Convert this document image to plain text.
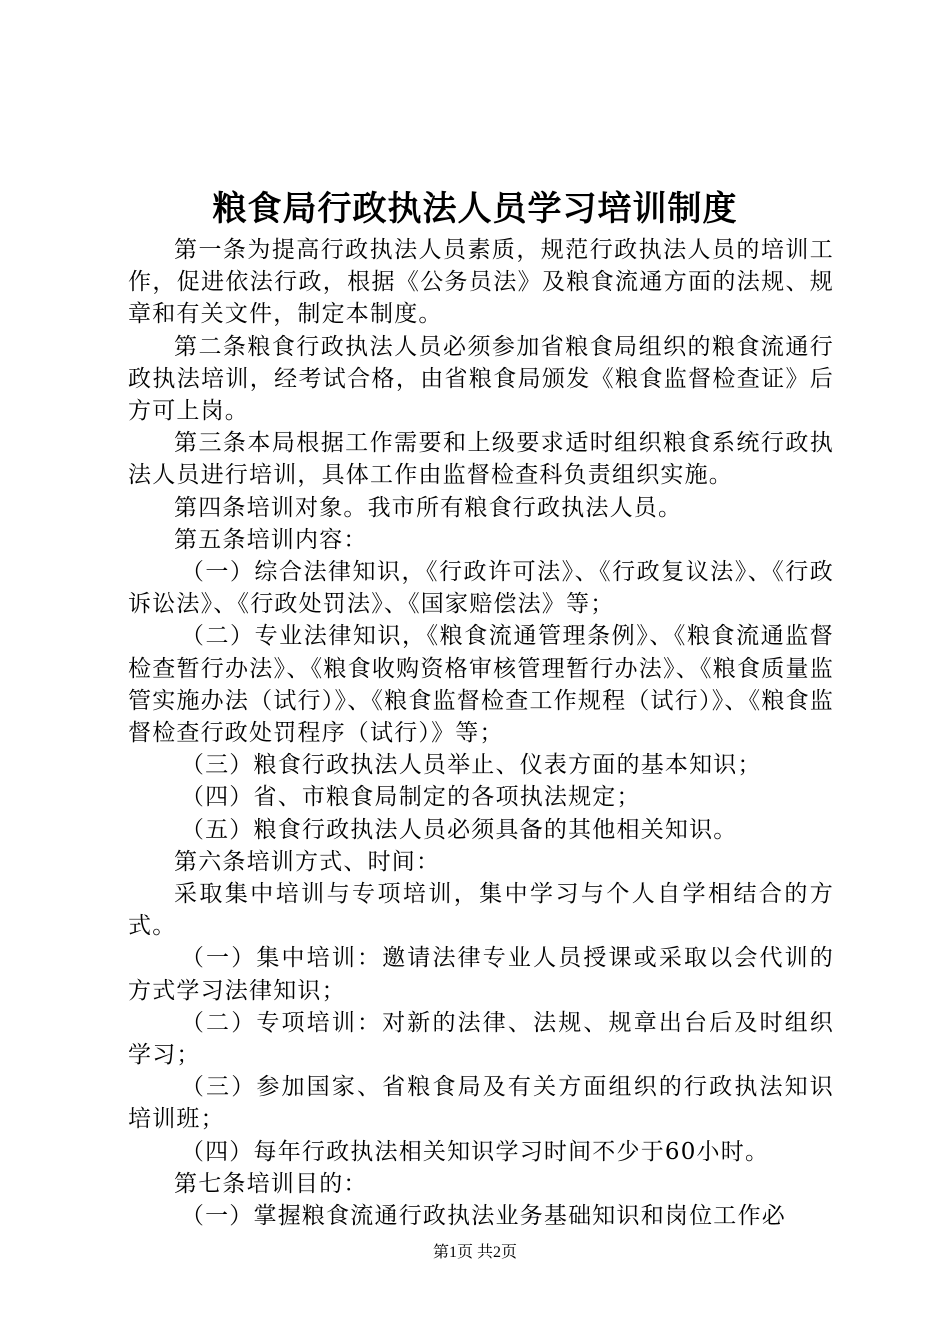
粮食局行政执法人员学习培训制度

第一条为提高行政执法人员素质，规范行政执法人员的培训工作，促进依法行政，根据《公务员法》及粮食流通方面的法规、规章和有关文件，制定本制度。

第二条粮食行政执法人员必须参加省粮食局组织的粮食流通行政执法培训，经考试合格，由省粮食局颁发《粮食监督检查证》后方可上岗。

第三条本局根据工作需要和上级要求适时组织粮食系统行政执法人员进行培训，具体工作由监督检查科负责组织实施。

第四条培训对象。我市所有粮食行政执法人员。

第五条培训内容：

（一）综合法律知识，《行政许可法》、《行政复议法》、《行政诉讼法》、《行政处罚法》、《国家赔偿法》等；

（二）专业法律知识，《粮食流通管理条例》、《粮食流通监督检查暂行办法》、《粮食收购资格审核管理暂行办法》、《粮食质量监管实施办法（试行）》、《粮食监督检查工作规程（试行）》、《粮食监督检查行政处罚程序（试行）》等；

（三）粮食行政执法人员举止、仪表方面的基本知识；

（四）省、市粮食局制定的各项执法规定；

（五）粮食行政执法人员必须具备的其他相关知识。

第六条培训方式、时间：

采取集中培训与专项培训，集中学习与个人自学相结合的方式。

（一）集中培训：邀请法律专业人员授课或采取以会代训的方式学习法律知识；

（二）专项培训：对新的法律、法规、规章出台后及时组织学习；

（三）参加国家、省粮食局及有关方面组织的行政执法知识培训班；

（四）每年行政执法相关知识学习时间不少于60小时。

第七条培训目的：

（一）掌握粮食流通行政执法业务基础知识和岗位工作必

第1页 共2页
